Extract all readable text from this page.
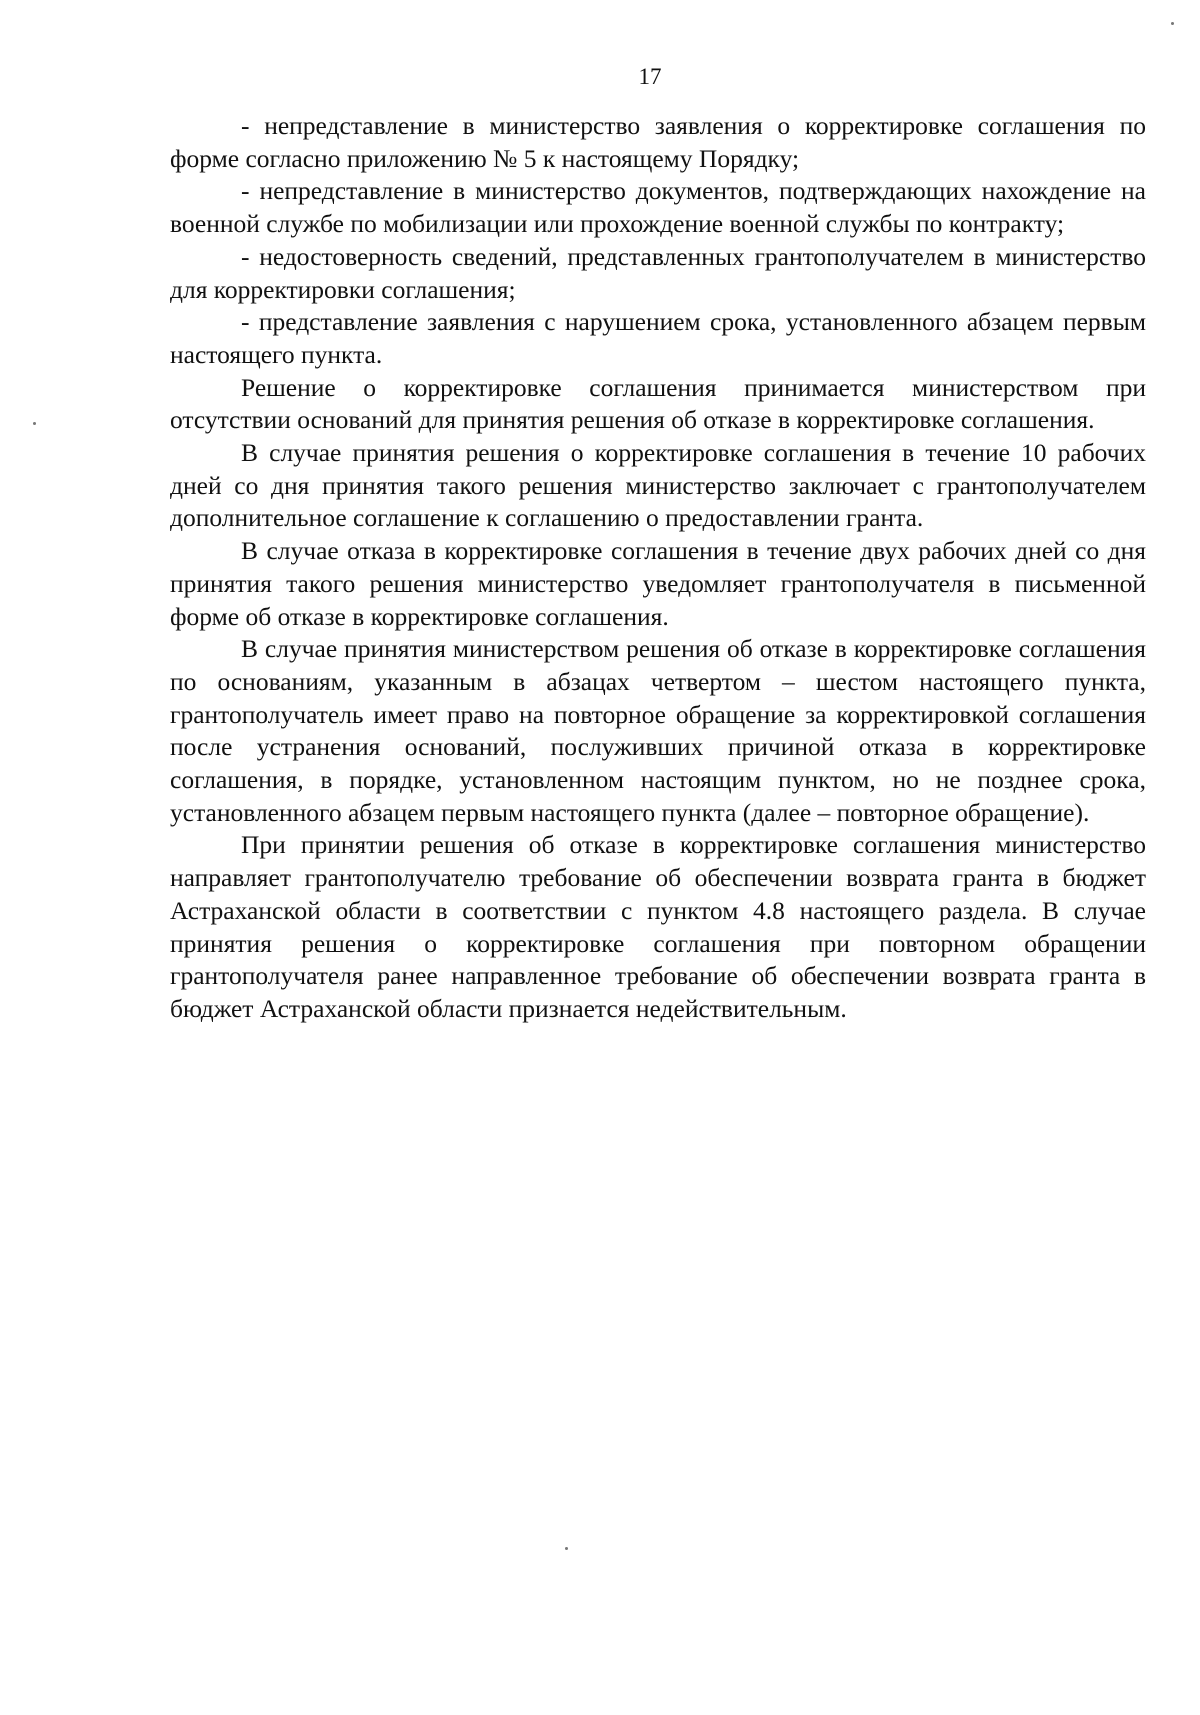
17

- непредставление в министерство заявления о корректировке соглашения по форме согласно приложению № 5 к настоящему Порядку;

- непредставление в министерство документов, подтверждающих нахождение на военной службе по мобилизации или прохождение военной службы по контракту;

- недостоверность сведений, представленных грантополучателем в министерство для корректировки соглашения;

- представление заявления с нарушением срока, установленного абзацем первым настоящего пункта.

Решение о корректировке соглашения принимается министерством при отсутствии оснований для принятия решения об отказе в корректировке соглашения.

В случае принятия решения о корректировке соглашения в течение 10 рабочих дней со дня принятия такого решения министерство заключает с грантополучателем дополнительное соглашение к соглашению о предоставлении гранта.

В случае отказа в корректировке соглашения в течение двух рабочих дней со дня принятия такого решения министерство уведомляет грантополучателя в письменной форме об отказе в корректировке соглашения.

В случае принятия министерством решения об отказе в корректировке соглашения по основаниям, указанным в абзацах четвертом – шестом настоящего пункта, грантополучатель имеет право на повторное обращение за корректировкой соглашения после устранения оснований, послуживших причиной отказа в корректировке соглашения, в порядке, установленном настоящим пунктом, но не позднее срока, установленного абзацем первым настоящего пункта (далее – повторное обращение).

При принятии решения об отказе в корректировке соглашения министерство направляет грантополучателю требование об обеспечении возврата гранта в бюджет Астраханской области в соответствии с пунктом 4.8 настоящего раздела. В случае принятия решения о корректировке соглашения при повторном обращении грантополучателя ранее направленное требование об обеспечении возврата гранта в бюджет Астраханской области признается недействительным.
